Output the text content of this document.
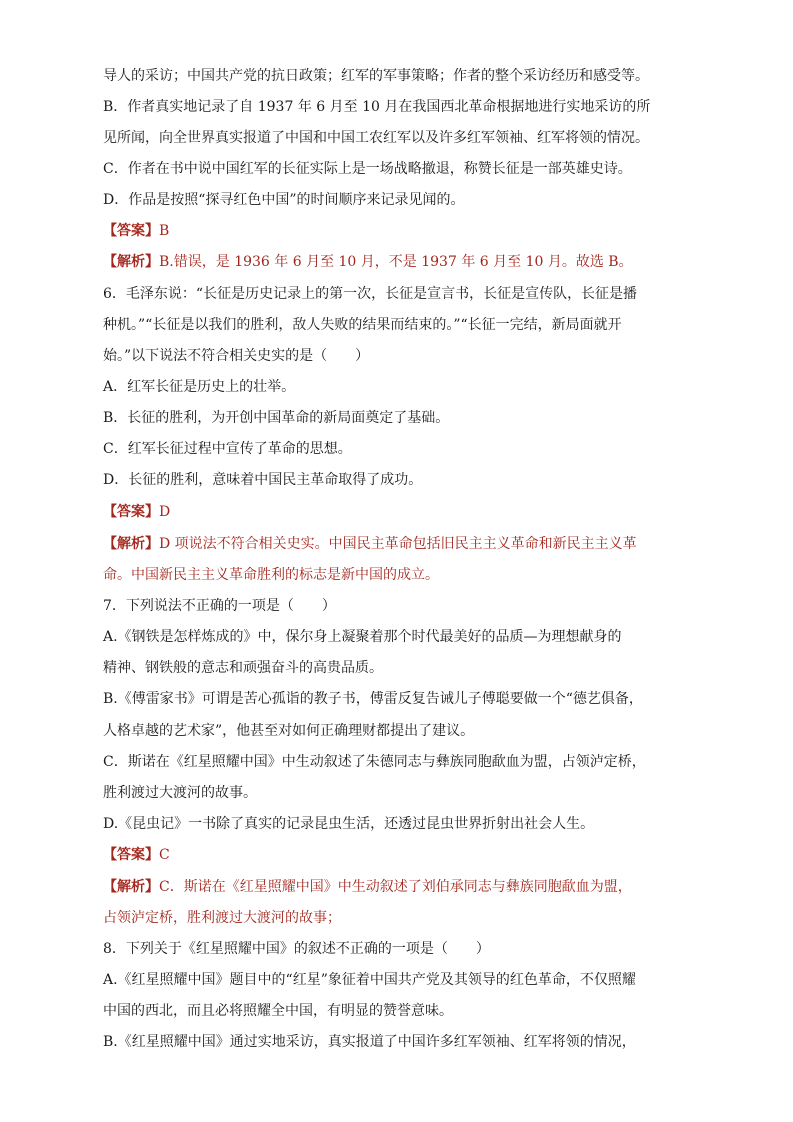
导人的采访；中国共产党的抗日政策；红军的军事策略；作者的整个采访经历和感受等。
B．作者真实地记录了自 1937 年 6 月至 10 月在我国西北革命根据地进行实地采访的所
见所闻，向全世界真实报道了中国和中国工农红军以及许多红军领袖、红军将领的情况。
C．作者在书中说中国红军的长征实际上是一场战略撤退，称赞长征是一部英雄史诗。
D．作品是按照“探寻红色中国”的时间顺序来记录见闻的。
【答案】B
【解析】B.错误，是 1936 年 6 月至 10 月，不是 1937 年 6 月至 10 月。故选 B。
6．毛泽东说：“长征是历史记录上的第一次，长征是宣言书，长征是宣传队，长征是播
种机。”“长征是以我们的胜利，敌人失败的结果而结束的。”“长征一完结，新局面就开
始。”以下说法不符合相关史实的是（　　）
A．红军长征是历史上的壮举。
B．长征的胜利，为开创中国革命的新局面奠定了基础。
C．红军长征过程中宣传了革命的思想。
D．长征的胜利，意味着中国民主革命取得了成功。
【答案】D
【解析】D 项说法不符合相关史实。中国民主革命包括旧民主主义革命和新民主主义革
命。中国新民主主义革命胜利的标志是新中国的成立。
7．下列说法不正确的一项是（　　）
A.《钢铁是怎样炼成的》中，保尔身上凝聚着那个时代最美好的品质—为理想献身的
精神、钢铁般的意志和顽强奋斗的高贵品质。
B.《傅雷家书》可谓是苦心孤诣的教子书，傅雷反复告诫儿子傅聪要做一个“德艺俱备，
人格卓越的艺术家”，他甚至对如何正确理财都提出了建议。
C．斯诺在《红星照耀中国》中生动叙述了朱德同志与彝族同胞歃血为盟，占领泸定桥，
胜利渡过大渡河的故事。
D.《昆虫记》一书除了真实的记录昆虫生活，还透过昆虫世界折射出社会人生。
【答案】C
【解析】C．斯诺在《红星照耀中国》中生动叙述了刘伯承同志与彝族同胞歃血为盟，
占领泸定桥，胜利渡过大渡河的故事；
8．下列关于《红星照耀中国》的叙述不正确的一项是（　　）
A.《红星照耀中国》题目中的“红星”象征着中国共产党及其领导的红色革命，不仅照耀
中国的西北，而且必将照耀全中国，有明显的赞誉意味。
B.《红星照耀中国》通过实地采访，真实报道了中国许多红军领袖、红军将领的情况，
